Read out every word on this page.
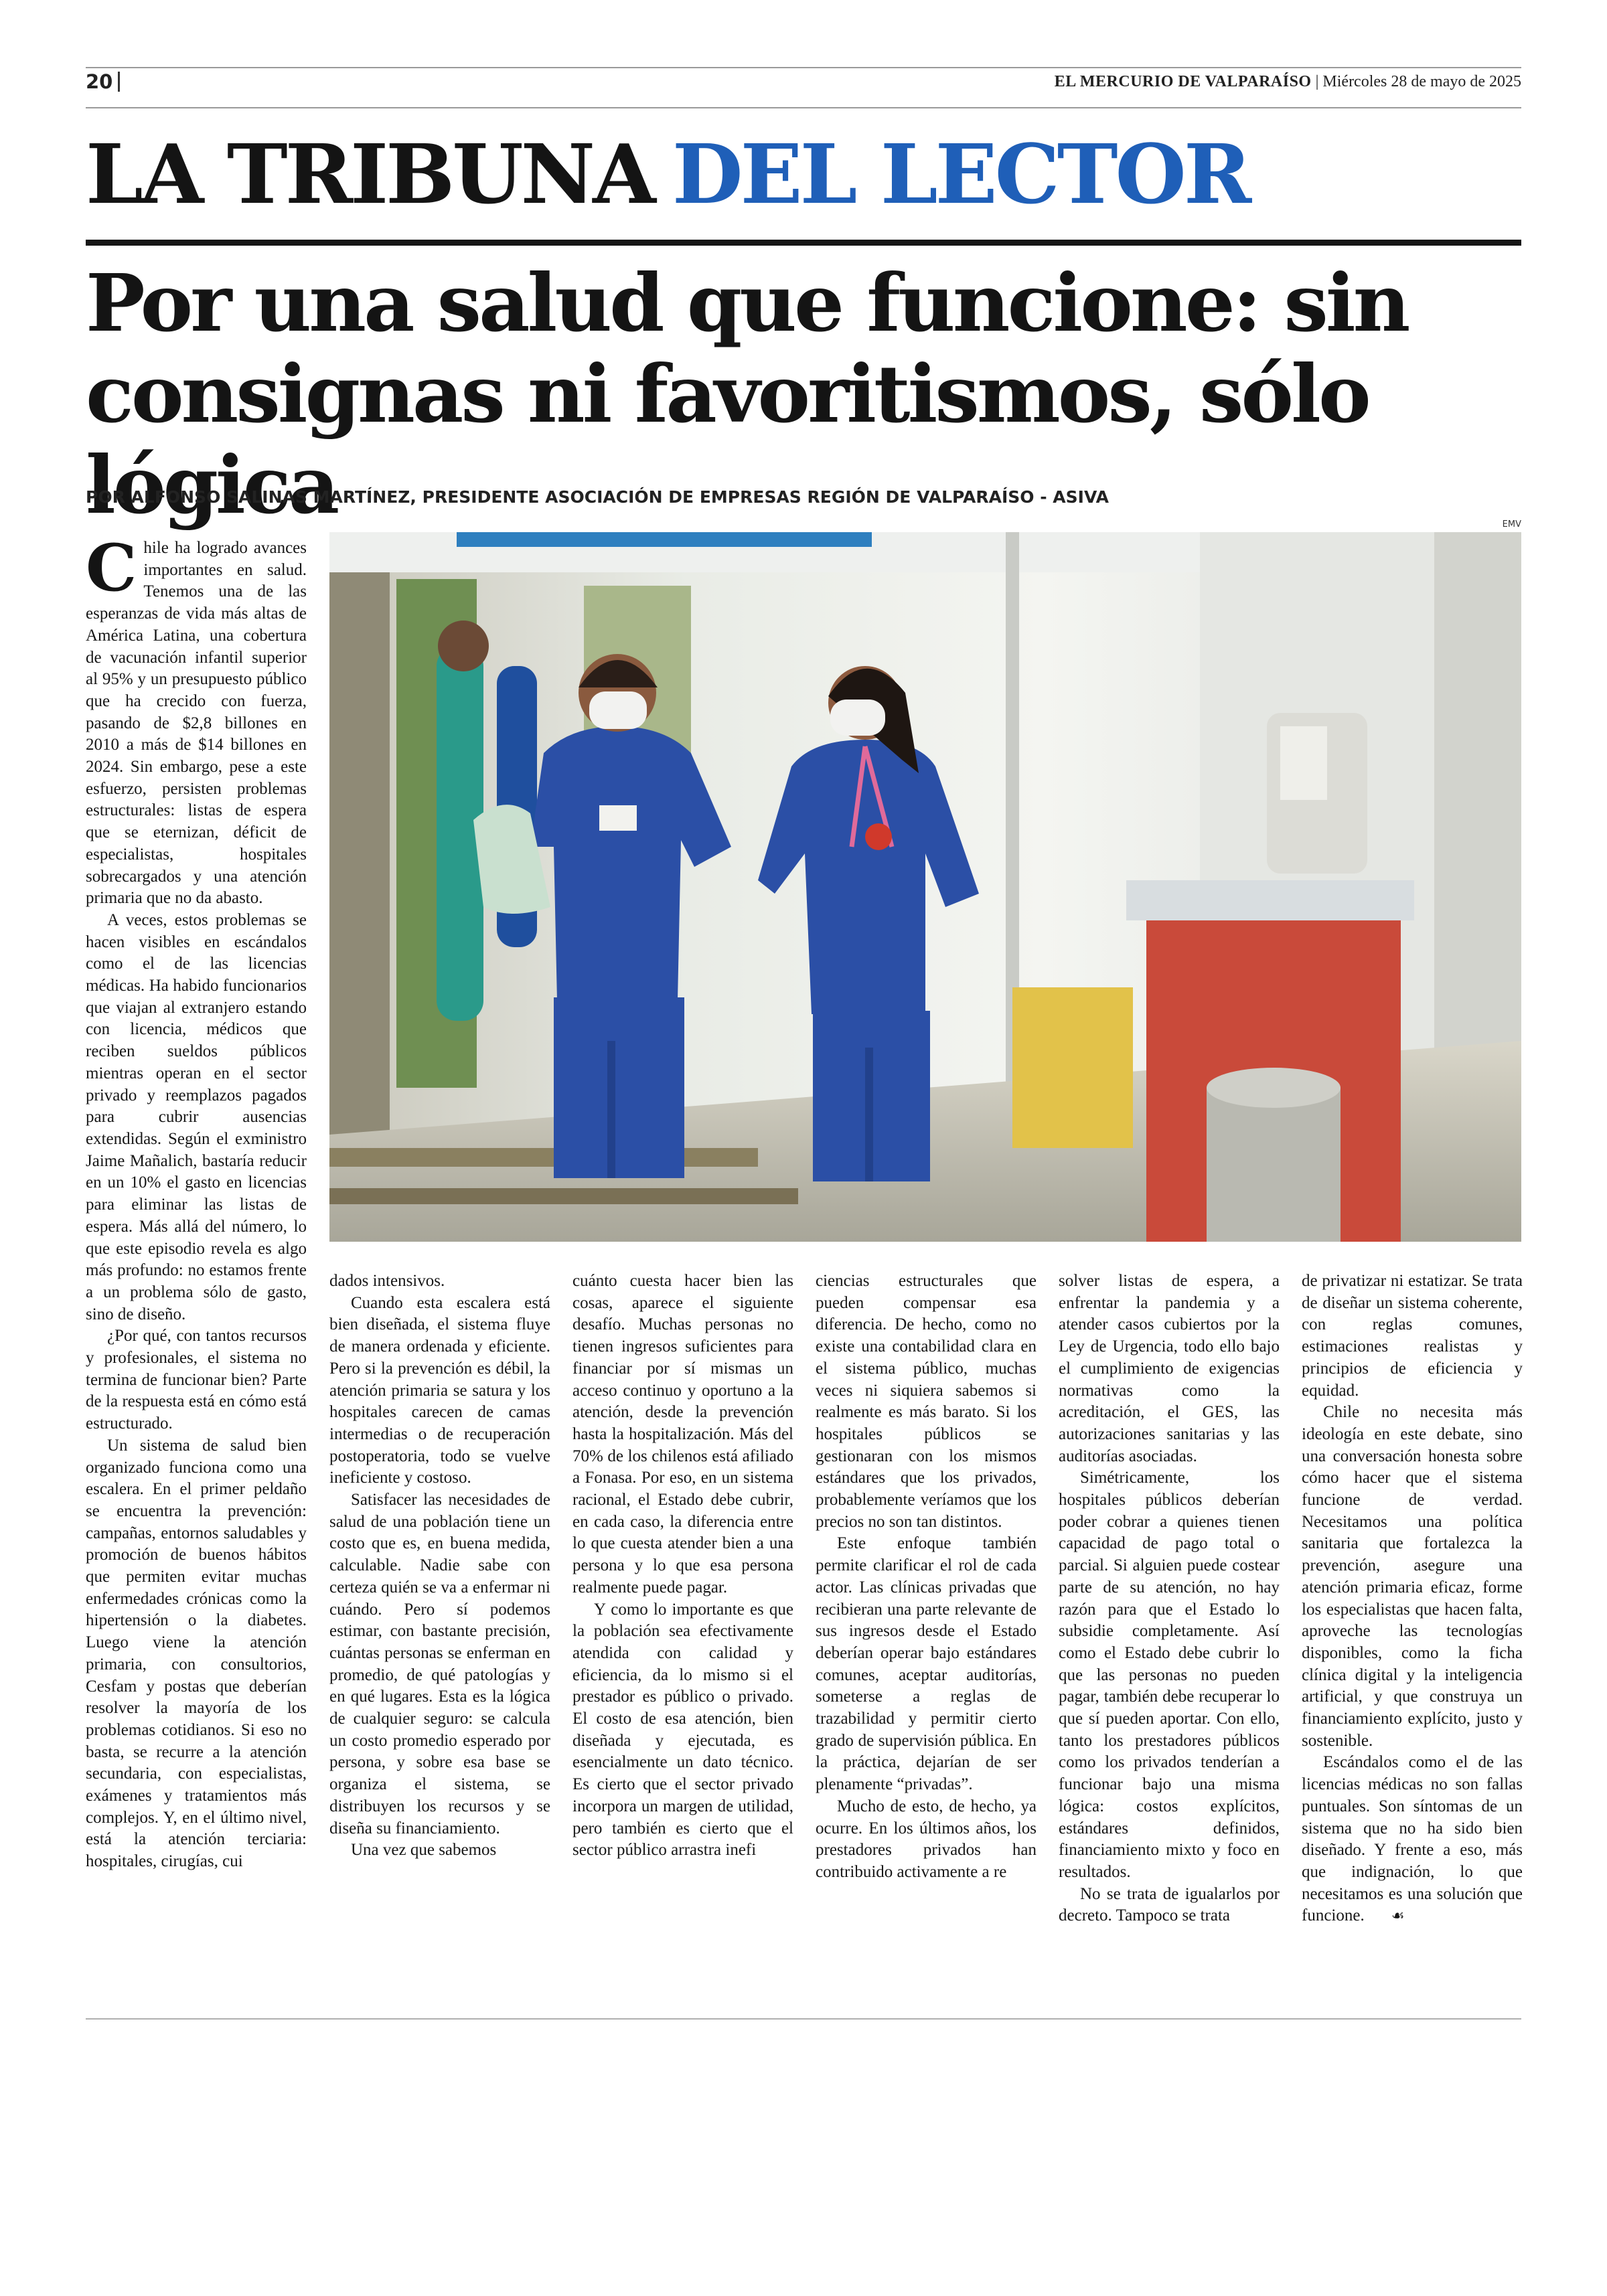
20	EL MERCURIO DE VALPARAÍSO | Miércoles 28 de mayo de 2025
LA TRIBUNA DEL LECTOR
Por una salud que funcione: sin consignas ni favoritismos, sólo lógica
POR ALFONSO SALINAS MARTÍNEZ, PRESIDENTE ASOCIACIÓN DE EMPRESAS REGIÓN DE VALPARAÍSO - ASIVA
EMV

Chile ha logrado avances importantes en salud. Tenemos una de las esperanzas de vida más altas de América Latina, una cobertura de vacunación infantil superior al 95% y un presupuesto público que ha crecido con fuerza, pasando de $2,8 billones en 2010 a más de $14 billones en 2024. Sin embargo, pese a este esfuerzo, persisten problemas estructurales: listas de espera que se eternizan, déficit de especialistas, hospitales sobrecargados y una atención primaria que no da abasto.

A veces, estos problemas se hacen visibles en escándalos como el de las licencias médicas. Ha habido funcionarios que viajan al extranjero estando con licencia, médicos que reciben sueldos públicos mientras operan en el sector privado y reemplazos pagados para cubrir ausencias extendidas. Según el exministro Jaime Mañalich, bastaría reducir en un 10% el gasto en licencias para eliminar las listas de espera. Más allá del número, lo que este episodio revela es algo más profundo: no estamos frente a un problema sólo de gasto, sino de diseño.

¿Por qué, con tantos recursos y profesionales, el sistema no termina de funcionar bien? Parte de la respuesta está en cómo está estructurado.

Un sistema de salud bien organizado funciona como una escalera. En el primer peldaño se encuentra la prevención: campañas, entornos saludables y promoción de buenos hábitos que permiten evitar muchas enfermedades crónicas como la hipertensión o la diabetes. Luego viene la atención primaria, con consultorios, Cesfam y postas que deberían resolver la mayoría de los problemas cotidianos. Si eso no basta, se recurre a la atención secundaria, con especialistas, exámenes y tratamientos más complejos. Y, en el último nivel, está la atención terciaria: hospitales, cirugías, cui

dados intensivos.

Cuando esta escalera está bien diseñada, el sistema fluye de manera ordenada y eficiente. Pero si la prevención es débil, la atención primaria se satura y los hospitales carecen de camas intermedias o de recuperación postoperatoria, todo se vuelve ineficiente y costoso.

Satisfacer las necesidades de salud de una población tiene un costo que es, en buena medida, calculable. Nadie sabe con certeza quién se va a enfermar ni cuándo. Pero sí podemos estimar, con bastante precisión, cuántas personas se enferman en promedio, de qué patologías y en qué lugares. Esta es la lógica de cualquier seguro: se calcula un costo promedio esperado por persona, y sobre esa base se organiza el sistema, se distribuyen los recursos y se diseña su financiamiento.

Una vez que sabemos

cuánto cuesta hacer bien las cosas, aparece el siguiente desafío. Muchas personas no tienen ingresos suficientes para financiar por sí mismas un acceso continuo y oportuno a la atención, desde la prevención hasta la hospitalización. Más del 70% de los chilenos está afiliado a Fonasa. Por eso, en un sistema racional, el Estado debe cubrir, en cada caso, la diferencia entre lo que cuesta atender bien a una persona y lo que esa persona realmente puede pagar.

Y como lo importante es que la población sea efectivamente atendida con calidad y eficiencia, da lo mismo si el prestador es público o privado. El costo de esa atención, bien diseñada y ejecutada, es esencialmente un dato técnico. Es cierto que el sector privado incorpora un margen de utilidad, pero también es cierto que el sector público arrastra inefi

ciencias estructurales que pueden compensar esa diferencia. De hecho, como no existe una contabilidad clara en el sistema público, muchas veces ni siquiera sabemos si realmente es más barato. Si los hospitales públicos se gestionaran con los mismos estándares que los privados, probablemente veríamos que los precios no son tan distintos.

Este enfoque también permite clarificar el rol de cada actor. Las clínicas privadas que recibieran una parte relevante de sus ingresos desde el Estado deberían operar bajo estándares comunes, aceptar auditorías, someterse a reglas de trazabilidad y permitir cierto grado de supervisión pública. En la práctica, dejarían de ser plenamente “privadas”.

Mucho de esto, de hecho, ya ocurre. En los últimos años, los prestadores privados han contribuido activamente a re

solver listas de espera, a enfrentar la pandemia y a atender casos cubiertos por la Ley de Urgencia, todo ello bajo el cumplimiento de exigencias normativas como la acreditación, el GES, las autorizaciones sanitarias y las auditorías asociadas.

Simétricamente, los hospitales públicos deberían poder cobrar a quienes tienen capacidad de pago total o parcial. Si alguien puede costear parte de su atención, no hay razón para que el Estado lo subsidie completamente. Así como el Estado debe cubrir lo que las personas no pueden pagar, también debe recuperar lo que sí pueden aportar. Con ello, tanto los prestadores públicos como los privados tenderían a funcionar bajo una misma lógica: costos explícitos, estándares definidos, financiamiento mixto y foco en resultados.

No se trata de igualarlos por decreto. Tampoco se trata

de privatizar ni estatizar. Se trata de diseñar un sistema coherente, con reglas comunes, estimaciones realistas y principios de eficiencia y equidad.

Chile no necesita más ideología en este debate, sino una conversación honesta sobre cómo hacer que el sistema funcione de verdad. Necesitamos una política sanitaria que fortalezca la prevención, asegure una atención primaria eficaz, forme los especialistas que hacen falta, aproveche las tecnologías disponibles, como la ficha clínica digital y la inteligencia artificial, y que construya un financiamiento explícito, justo y sostenible.

Escándalos como el de las licencias médicas no son fallas puntuales. Son síntomas de un sistema que no ha sido bien diseñado. Y frente a eso, más que indignación, lo que necesitamos es una solución que funcione. ☙
